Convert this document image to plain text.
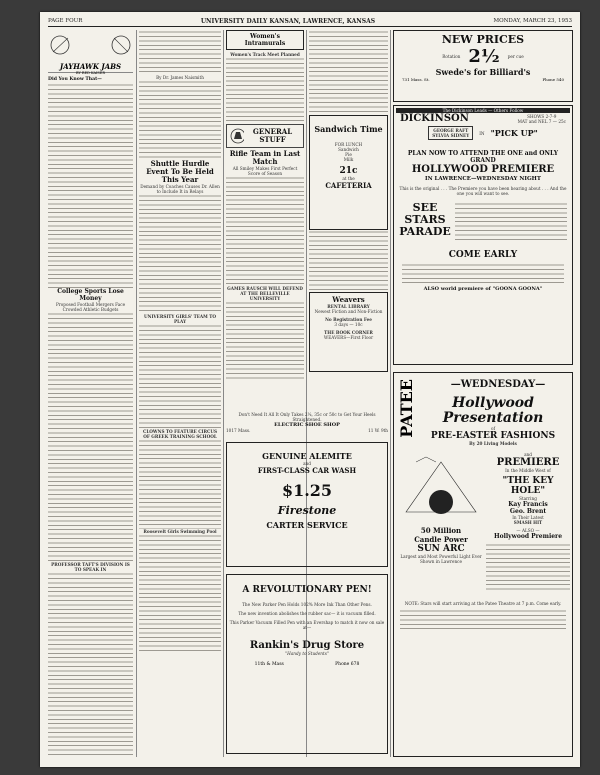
PAGE FOUR	UNIVERSITY DAILY KANSAN, LAWRENCE, KANSAS	MONDAY, MARCH 23, 1953
JAYHAWK JABS
BY RED KAISER
Did You Know That—
College Sports Lose Money
Proposed Football Mergers Face Crowded Athletic Budgets
PROFESSOR TAFT'S DIVISION IS TO SPEAK IN
By Dr. James Naismith
Shuttle Hurdle Event To Be Held This Year
Demand by Coaches Causes Dr. Allen to Include It in Relays
UNIVERSITY GIRLS' TEAM TO PLAY
CLOWNS TO FEATURE CIRCUS OF GREEK TRAINING SCHOOL
Roosevelt Girls Swimming Pool
Women's Intramurals
Women's Track Meet Planned
GENERAL STUFF
Rifle Team in Last Match
All Smiley Makes First Perfect Score of Season
GAMES RAUSCH WILL DEFEND AT THE BELLEVILLE UNIVERSITY
Sandwich Time
FOR LUNCH
Sandwich
Pie
Milk
21c
at the
CAFETERIA
Weavers
RENTAL LIBRARY
Newest Fiction and Non-Fiction
No Registration Fee
3 days — 10c
THE BOOK CORNER
WEAVERS—First Floor
Don't Need It All It Only Takes 2¼, 35c or 50c to Get Your Heels Straightened.
ELECTRIC SHOE SHOP
1017 Mass.	11 W. 9th
GENUINE ALEMITE
and
FIRST-CLASS CAR WASH
$1.25
Firestone
CARTER SERVICE
A REVOLUTIONARY PEN!
The New Parker Pen Holds 102% More Ink Than Other Pens.
The new invention abolishes the rubber sac— it is vacuum filled.
This Parker Vacuum Filled Pen with an Evershap to match it now on sale at—
Rankin's Drug Store
"Handy to Students"
11th & Mass	Phone 678
NEW PRICES
Rotation 2½ per cue
Swede's for Billiard's
731 Mass. St.	Phone 540
The Dickinson Leads — Others Follow
DICKINSON	SHOWS 2-7-9
MAT and NEL 7 — 25c
GEORGE RAFT
SYLVIA SIDNEY IN "PICK UP"
PLAN NOW TO ATTEND THE ONE and ONLY GRAND
HOLLYWOOD PREMIERE
IN LAWRENCE—WEDNESDAY NIGHT
This is the original . . . The Premiere you have been hearing about . . . And the one you will want to see.
SEE
STARS
PARADE
COME EARLY
ALSO world premiere of "GOONA GOONA"
—WEDNESDAY—
PATEE	Hollywood Presentation
of
PRE-EASTER FASHIONS
By 20 Living Models
50 Million
Candle Power
SUN ARC
Largest and Most Powerful Light Ever Shown in Lawrence
and
PREMIERE
In the Middle West of
"THE KEY HOLE"
Starring
Kay Francis
Geo. Brent
In Their Latest
SMASH HIT
— ALSO —
Hollywood Premiere
NOTE: Stars will start arriving at the Patee Theatre at 7 p.m. Come early.
